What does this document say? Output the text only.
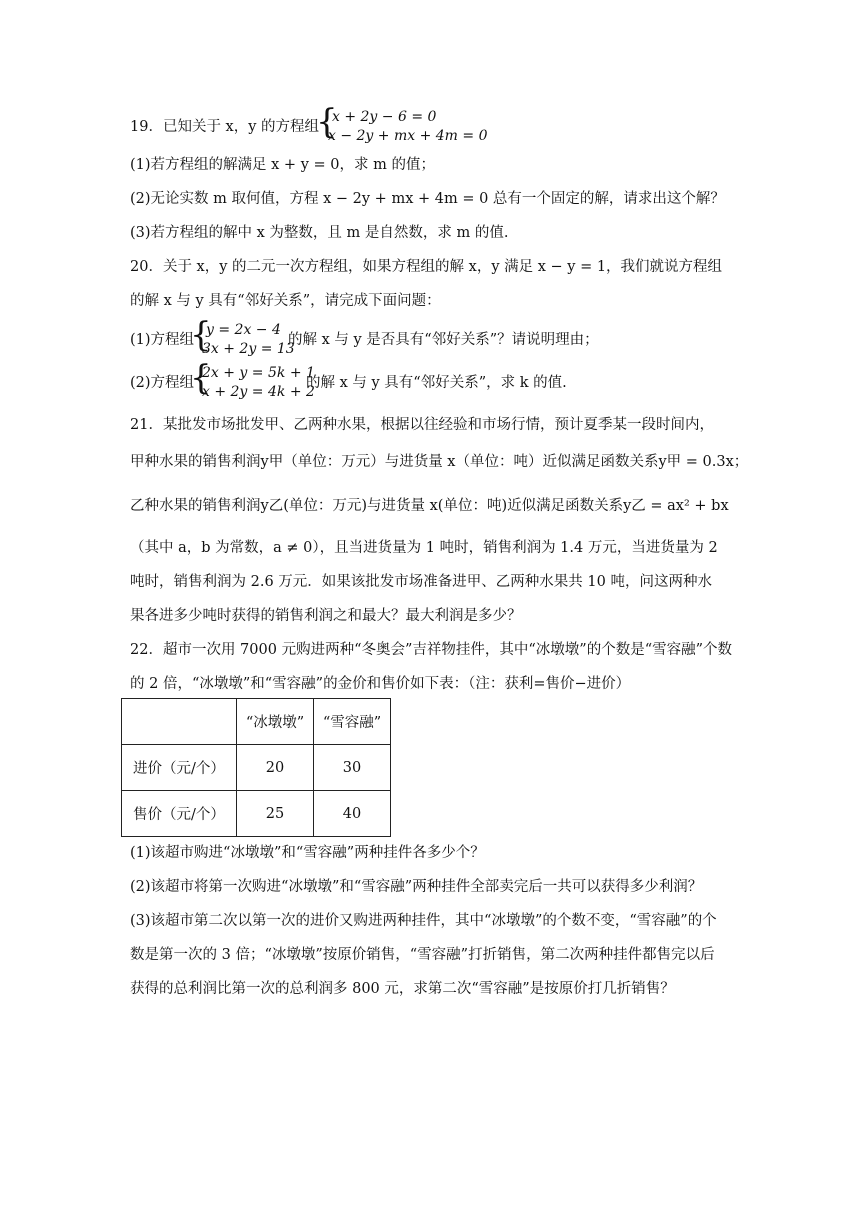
19．已知关于 x，y 的方程组
{
x + 2y − 6 = 0
x − 2y + mx + 4m = 0
(1)若方程组的解满足 x + y = 0，求 m 的值；
(2)无论实数 m 取何值，方程 x − 2y + mx + 4m = 0 总有一个固定的解，请求出这个解？
(3)若方程组的解中 x 为整数，且 m 是自然数，求 m 的值.
20．关于 x，y 的二元一次方程组，如果方程组的解 x，y 满足 x − y = 1，我们就说方程组
的解 x 与 y 具有“邻好关系”，请完成下面问题：
(1)方程组
{
y = 2x − 4
3x + 2y = 13
的解 x 与 y 是否具有“邻好关系”？请说明理由；
(2)方程组
{
2x + y = 5k + 1
x + 2y = 4k + 2
的解 x 与 y 具有“邻好关系”，求 k 的值.
21．某批发市场批发甲、乙两种水果，根据以往经验和市场行情，预计夏季某一段时间内，
甲种水果的销售利润y甲（单位：万元）与进货量 x（单位：吨）近似满足函数关系y甲 = 0.3x；
乙种水果的销售利润y乙(单位：万元)与进货量 x(单位：吨)近似满足函数关系y乙 = ax² + bx
（其中 a，b 为常数，a ≠ 0），且当进货量为 1 吨时，销售利润为 1.4 万元，当进货量为 2
吨时，销售利润为 2.6 万元．如果该批发市场准备进甲、乙两种水果共 10 吨，问这两种水
果各进多少吨时获得的销售利润之和最大？最大利润是多少？
22．超市一次用 7000 元购进两种“冬奥会”吉祥物挂件，其中“冰墩墩”的个数是“雪容融”个数
的 2 倍，“冰墩墩”和“雪容融”的金价和售价如下表：（注：获利=售价−进价）
	“冰墩墩”	“雪容融”
进价（元/个）	20	30
售价（元/个）	25	40
(1)该超市购进“冰墩墩”和“雪容融”两种挂件各多少个？
(2)该超市将第一次购进“冰墩墩”和“雪容融”两种挂件全部卖完后一共可以获得多少利润？
(3)该超市第二次以第一次的进价又购进两种挂件，其中“冰墩墩”的个数不变，“雪容融”的个
数是第一次的 3 倍；“冰墩墩”按原价销售，“雪容融”打折销售，第二次两种挂件都售完以后
获得的总利润比第一次的总利润多 800 元，求第二次“雪容融”是按原价打几折销售？
